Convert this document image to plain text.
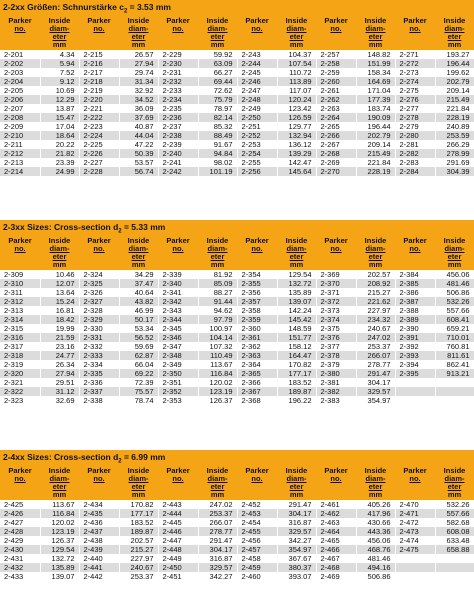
2-2xx Größen: Schnurstärke $c_2 = 3.53$ mm
Parker
no.	Inside
diam-
eter
mm	Parker
no.	Inside
diam-
eter
mm	Parker
no.	Inside
diam-
eter
mm	Parker
no.	Inside
diam-
eter
mm	Parker
no.	Inside
diam-
eter
mm	Parker
no.	Inside
diam-
eter
mm
2-201	4.34	2-215	26.57	2-229	59.92	2-243	104.37	2-257	148.82	2-271	193.27
2-202	5.94	2-216	27.94	2-230	63.09	2-244	107.54	2-258	151.99	2-272	196.44
2-203	7.52	2-217	29.74	2-231	66.27	2-245	110.72	2-259	158.34	2-273	199.62
2-204	9.12	2-218	31.34	2-232	69.44	2-246	113.89	2-260	164.69	2-274	202.79
2-205	10.69	2-219	32.92	2-233	72.62	2-247	117.07	2-261	171.04	2-275	209.14
2-206	12.29	2-220	34.52	2-234	75.79	2-248	120.24	2-262	177.39	2-276	215.49
2-207	13.87	2-221	36.09	2-235	78.97	2-249	123.42	2-263	183.74	2-277	221.84
2-208	15.47	2-222	37.69	2-236	82.14	2-250	126.59	2-264	190.09	2-278	228.19
2-209	17.04	2-223	40.87	2-237	85.32	2-251	129.77	2-265	196.44	2-279	240.89
2-210	18.64	2-224	44.04	2-238	88.49	2-252	132.94	2-266	202.79	2-280	253.59
2-211	20.22	2-225	47.22	2-239	91.67	2-253	136.12	2-267	209.14	2-281	266.29
2-212	21.82	2-226	50.39	2-240	94.84	2-254	139.29	2-268	215.49	2-282	278.99
2-213	23.39	2-227	53.57	2-241	98.02	2-255	142.47	2-269	221.84	2-283	291.69
2-214	24.99	2-228	56.74	2-242	101.19	2-256	145.64	2-270	228.19	2-284	304.39
2-3xx Sizes: Cross-section $d_2 = 5.33$ mm
Parker
no.	Inside
diam-
eter
mm	Parker
no.	Inside
diam-
eter
mm	Parker
no.	Inside
diam-
eter
mm	Parker
no.	Inside
diam-
eter
mm	Parker
no.	Inside
diam-
eter
mm	Parker
no.	Inside
diam-
eter
mm
2-309	10.46	2-324	34.29	2-339	81.92	2-354	129.54	2-369	202.57	2-384	456.06
2-310	12.07	2-325	37.47	2-340	85.09	2-355	132.72	2-370	208.92	2-385	481.46
2-311	13.64	2-326	40.64	2-341	88.27	2-356	135.89	2-371	215.27	2-386	506.86
2-312	15.24	2-327	43.82	2-342	91.44	2-357	139.07	2-372	221.62	2-387	532.26
2-313	16.81	2-328	46.99	2-343	94.62	2-358	142.24	2-373	227.97	2-388	557.66
2-314	18.42	2-329	50.17	2-344	97.79	2-359	145.42	2-374	234.32	2-389	608.41
2-315	19.99	2-330	53.34	2-345	100.97	2-360	148.59	2-375	240.67	2-390	659.21
2-316	21.59	2-331	56.52	2-346	104.14	2-361	151.77	2-376	247.02	2-391	710.01
2-317	23.16	2-332	59.69	2-347	107.32	2-362	158.12	2-377	253.37	2-392	760.81
2-318	24.77	2-333	62.87	2-348	110.49	2-363	164.47	2-378	266.07	2-393	811.61
2-319	26.34	2-334	66.04	2-349	113.67	2-364	170.82	2-379	278.77	2-394	862.41
2-320	27.94	2-335	69.22	2-350	116.84	2-365	177.17	2-380	291.47	2-395	913.21
2-321	29.51	2-336	72.39	2-351	120.02	2-366	183.52	2-381	304.17		
2-322	31.12	2-337	75.57	2-352	123.19	2-367	189.87	2-382	329.57		
2-323	32.69	2-338	78.74	2-353	126.37	2-368	196.22	2-383	354.97		
2-4xx Sizes: Cross-section $d_2 = 6.99$ mm
Parker
no.	Inside
diam-
eter
mm	Parker
no.	Inside
diam-
eter
mm	Parker
no.	Inside
diam-
eter
mm	Parker
no.	Inside
diam-
eter
mm	Parker
no.	Inside
diam-
eter
mm	Parker
no.	Inside
diam-
eter
mm
2-425	113.67	2-434	170.82	2-443	247.02	2-452	291.47	2-461	405.26	2-470	532.26
2-426	116.84	2-435	177.17	2-444	253.37	2-453	304.17	2-462	417.96	2-471	557.66
2-427	120.02	2-436	183.52	2-445	266.07	2-454	316.87	2-463	430.66	2-472	582.68
2-428	123.19	2-437	189.87	2-446	278.77	2-455	329.57	2-464	443.36	2-473	608.08
2-429	126.37	2-438	202.57	2-447	291.47	2-456	342.27	2-465	456.06	2-474	633.48
2-430	129.54	2-439	215.27	2-448	304.17	2-457	354.97	2-466	468.76	2-475	658.88
2-431	132.72	2-440	227.97	2-449	316.87	2-458	367.67	2-467	481.46		
2-432	135.89	2-441	240.67	2-450	329.57	2-459	380.37	2-468	494.16		
2-433	139.07	2-442	253.37	2-451	342.27	2-460	393.07	2-469	506.86		
